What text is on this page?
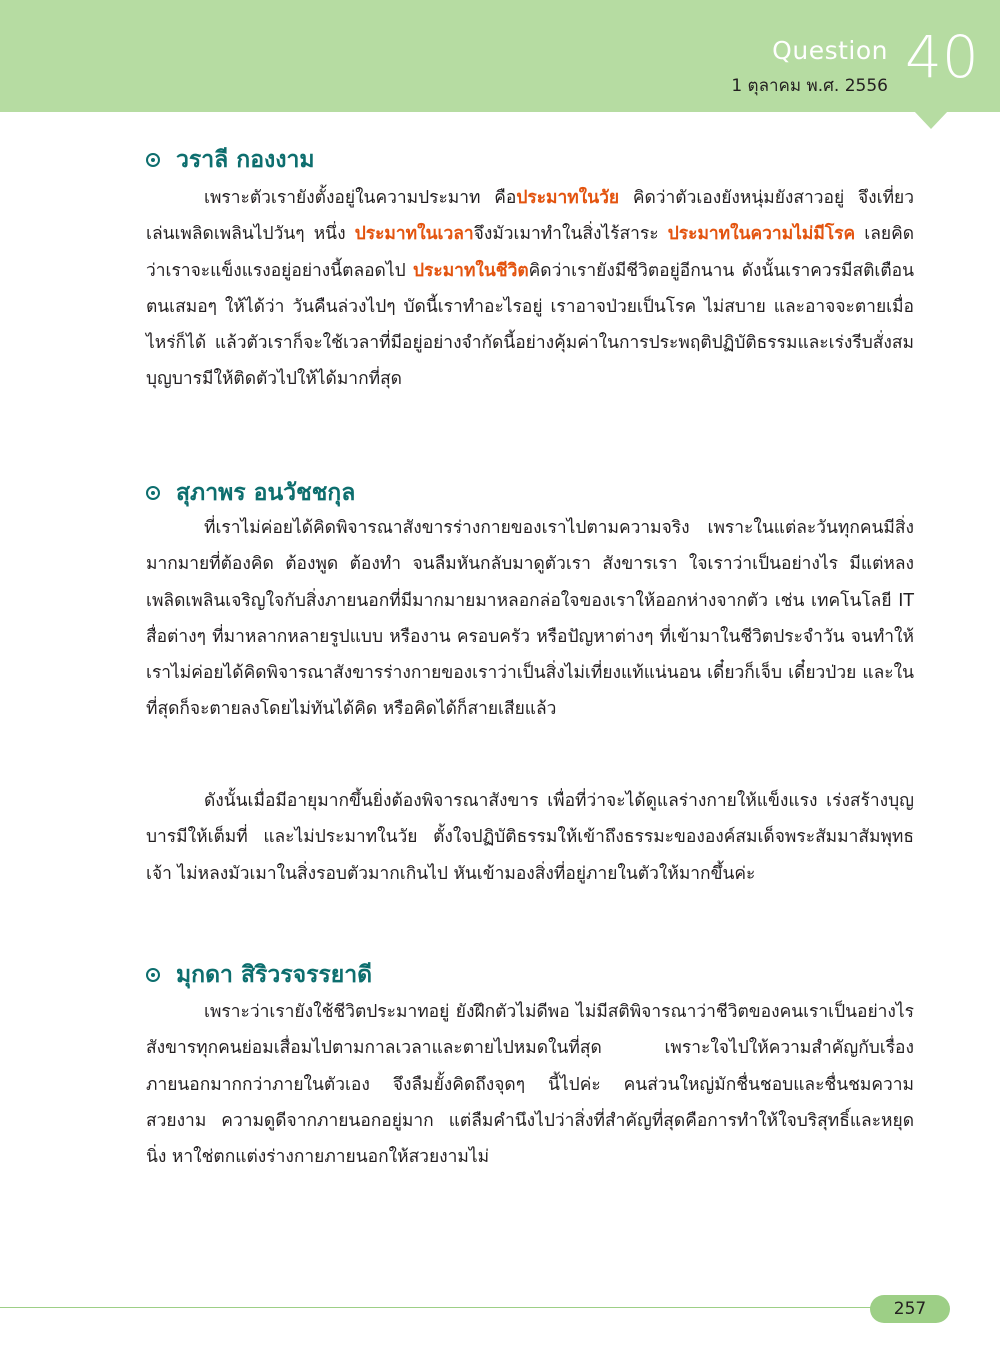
Question
1 ตุลาคม พ.ศ. 2556 40
วราลี กองงาม

เพราะตัวเรายังตั้งอยู่ในความประมาท คือประมาทในวัย คิดว่าตัวเองยังหนุ่มยังสาวอยู่ จึงเที่ยวเล่นเพลิดเพลินไปวันๆ หนึ่ง ประมาทในเวลาจึงมัวเมาทำในสิ่งไร้สาระ ประมาทในความไม่มีโรค เลยคิดว่าเราจะแข็งแรงอยู่อย่างนี้ตลอดไป ประมาทในชีวิตคิดว่าเรายังมีชีวิตอยู่อีกนาน ดังนั้นเราควรมีสติเตือนตนเสมอๆ ให้ได้ว่า วันคืนล่วงไปๆ บัดนี้เราทำอะไรอยู่ เราอาจป่วยเป็นโรค ไม่สบาย และอาจจะตายเมื่อไหร่ก็ได้ แล้วตัวเราก็จะใช้เวลาที่มีอยู่อย่างจำกัดนี้อย่างคุ้มค่าในการประพฤติปฏิบัติธรรมและเร่งรีบสั่งสมบุญบารมีให้ติดตัวไปให้ได้มากที่สุด

สุภาพร อนวัชชกุล

ที่เราไม่ค่อยได้คิดพิจารณาสังขารร่างกายของเราไปตามความจริง เพราะในแต่ละวันทุกคนมีสิ่งมากมายที่ต้องคิด ต้องพูด ต้องทำ จนลืมหันกลับมาดูตัวเรา สังขารเรา ใจเราว่าเป็นอย่างไร มีแต่หลงเพลิดเพลินเจริญใจกับสิ่งภายนอกที่มีมากมายมาหลอกล่อใจของเราให้ออกห่างจากตัว เช่น เทคโนโลยี IT สื่อต่างๆ ที่มาหลากหลายรูปแบบ หรืองาน ครอบครัว หรือปัญหาต่างๆ ที่เข้ามาในชีวิตประจำวัน จนทำให้เราไม่ค่อยได้คิดพิจารณาสังขารร่างกายของเราว่าเป็นสิ่งไม่เที่ยงแท้แน่นอน เดี๋ยวก็เจ็บ เดี๋ยวป่วย และในที่สุดก็จะตายลงโดยไม่ทันได้คิด หรือคิดได้ก็สายเสียแล้ว

ดังนั้นเมื่อมีอายุมากขึ้นยิ่งต้องพิจารณาสังขาร เพื่อที่ว่าจะได้ดูแลร่างกายให้แข็งแรง เร่งสร้างบุญบารมีให้เต็มที่ และไม่ประมาทในวัย ตั้งใจปฏิบัติธรรมให้เข้าถึงธรรมะขององค์สมเด็จพระสัมมาสัมพุทธเจ้า ไม่หลงมัวเมาในสิ่งรอบตัวมากเกินไป หันเข้ามองสิ่งที่อยู่ภายในตัวให้มากขึ้นค่ะ

มุกดา สิริวรจรรยาดี

เพราะว่าเรายังใช้ชีวิตประมาทอยู่ ยังฝึกตัวไม่ดีพอ ไม่มีสติพิจารณาว่าชีวิตของคนเราเป็นอย่างไร สังขารทุกคนย่อมเสื่อมไปตามกาลเวลาและตายไปหมดในที่สุด เพราะใจไปให้ความสำคัญกับเรื่องภายนอกมากกว่าภายในตัวเอง จึงลืมยั้งคิดถึงจุดๆ นี้ไปค่ะ คนส่วนใหญ่มักชื่นชอบและชื่นชมความสวยงาม ความดูดีจากภายนอกอยู่มาก แต่ลืมคำนึงไปว่าสิ่งที่สำคัญที่สุดคือการทำให้ใจบริสุทธิ์และหยุดนิ่ง หาใช่ตกแต่งร่างกายภายนอกให้สวยงามไม่

257
